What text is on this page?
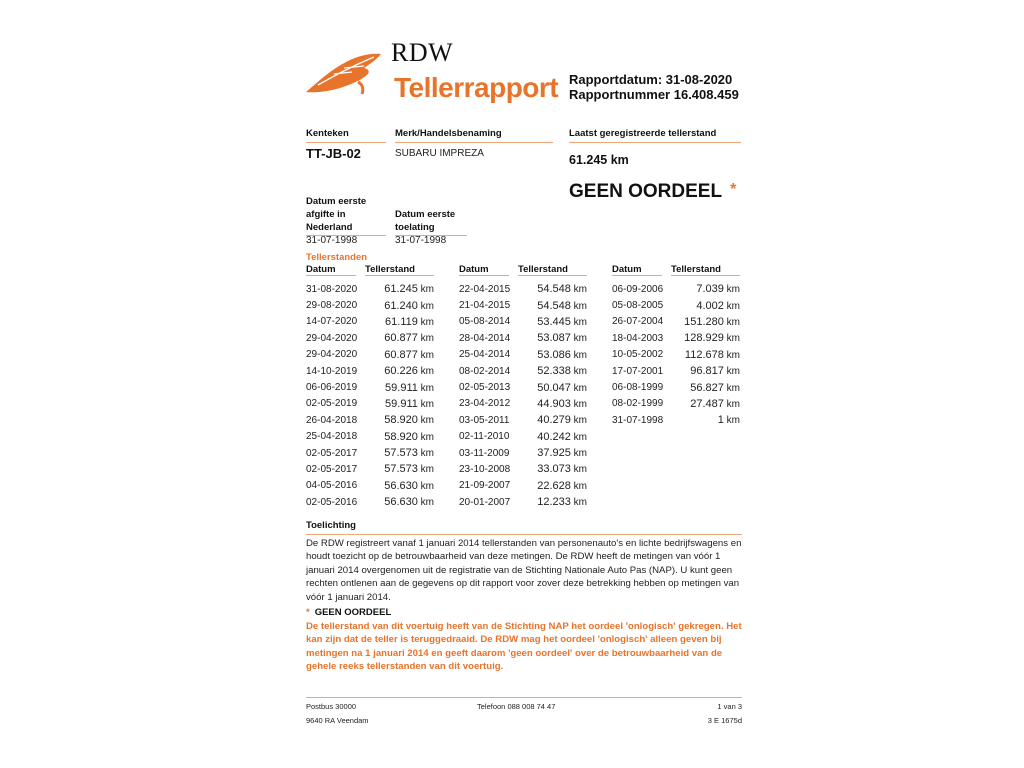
RDW
Tellerrapport Rapportdatum: 31-08-2020
Rapportnummer 16.408.459
Kenteken	Merk/Handelsbenaming	Laatst geregistreerde tellerstand
TT-JB-02	SUBARU IMPREZA	61.245 km
GEEN OORDEEL *
Datum eerste afgifte in Nederland
Datum eerste toelating
31-07-1998	31-07-1998
Tellerstanden
Datum	Tellerstand
31-08-2020	61.245 km
29-08-2020	61.240 km
14-07-2020	61.119 km
29-04-2020	60.877 km
29-04-2020	60.877 km
14-10-2019	60.226 km
06-06-2019	59.911 km
02-05-2019	59.911 km
26-04-2018	58.920 km
25-04-2018	58.920 km
02-05-2017	57.573 km
02-05-2017	57.573 km
04-05-2016	56.630 km
02-05-2016	56.630 km
Datum	Tellerstand
22-04-2015	54.548 km
21-04-2015	54.548 km
05-08-2014	53.445 km
28-04-2014	53.087 km
25-04-2014	53.086 km
08-02-2014	52.338 km
02-05-2013	50.047 km
23-04-2012	44.903 km
03-05-2011	40.279 km
02-11-2010	40.242 km
03-11-2009	37.925 km
23-10-2008	33.073 km
21-09-2007	22.628 km
20-01-2007	12.233 km
Datum	Tellerstand
06-09-2006	7.039 km
05-08-2005	4.002 km
26-07-2004	151.280 km
18-04-2003	128.929 km
10-05-2002	112.678 km
17-07-2001	96.817 km
06-08-1999	56.827 km
08-02-1999	27.487 km
31-07-1998	1 km
Toelichting
De RDW registreert vanaf 1 januari 2014 tellerstanden van personenauto's en lichte bedrijfswagens en houdt toezicht op de betrouwbaarheid van deze metingen. De RDW heeft de metingen van vóór 1 januari 2014 overgenomen uit de registratie van de Stichting Nationale Auto Pas (NAP). U kunt geen rechten ontlenen aan de gegevens op dit rapport voor zover deze betrekking hebben op metingen van vóór 1 januari 2014.
* GEEN OORDEEL
De tellerstand van dit voertuig heeft van de Stichting NAP het oordeel 'onlogisch' gekregen. Het kan zijn dat de teller is teruggedraaid. De RDW mag het oordeel 'onlogisch' alleen geven bij metingen na 1 januari 2014 en geeft daarom 'geen oordeel' over de betrouwbaarheid van de gehele reeks tellerstanden van dit voertuig.
Postbus 30000
9640 RA Veendam
Telefoon 088 008 74 47	1 van 3
3 E 1675d
